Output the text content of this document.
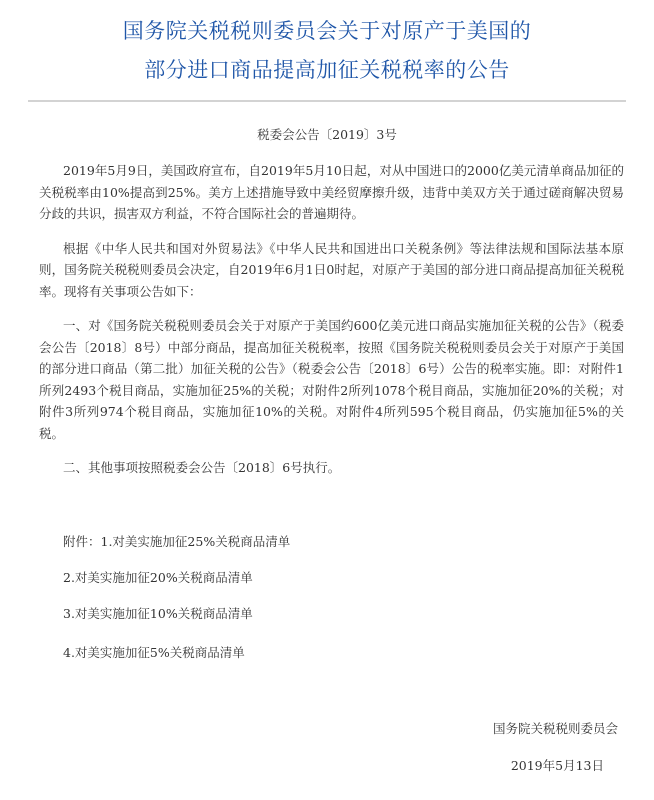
国务院关税税则委员会关于对原产于美国的
部分进口商品提高加征关税税率的公告
税委会公告〔2019〕3号

2019年5月9日，美国政府宣布，自2019年5月10日起，对从中国进口的2000亿美元清单商品加征的关税税率由10%提高到25%。美方上述措施导致中美经贸摩擦升级，违背中美双方关于通过磋商解决贸易分歧的共识，损害双方利益，不符合国际社会的普遍期待。

根据《中华人民共和国对外贸易法》《中华人民共和国进出口关税条例》等法律法规和国际法基本原则，国务院关税税则委员会决定，自2019年6月1日0时起，对原产于美国的部分进口商品提高加征关税税率。现将有关事项公告如下：

一、对《国务院关税税则委员会关于对原产于美国约600亿美元进口商品实施加征关税的公告》（税委会公告〔2018〕8号）中部分商品，提高加征关税税率，按照《国务院关税税则委员会关于对原产于美国的部分进口商品（第二批）加征关税的公告》（税委会公告〔2018〕6号）公告的税率实施。即：对附件1所列2493个税目商品，实施加征25%的关税；对附件2所列1078个税目商品，实施加征20%的关税；对附件3所列974个税目商品，实施加征10%的关税。对附件4所列595个税目商品，仍实施加征5%的关税。

二、其他事项按照税委会公告〔2018〕6号执行。

附件：1.对美实施加征25%关税商品清单
2.对美实施加征20%关税商品清单
3.对美实施加征10%关税商品清单
4.对美实施加征5%关税商品清单
国务院关税税则委员会
2019年5月13日
